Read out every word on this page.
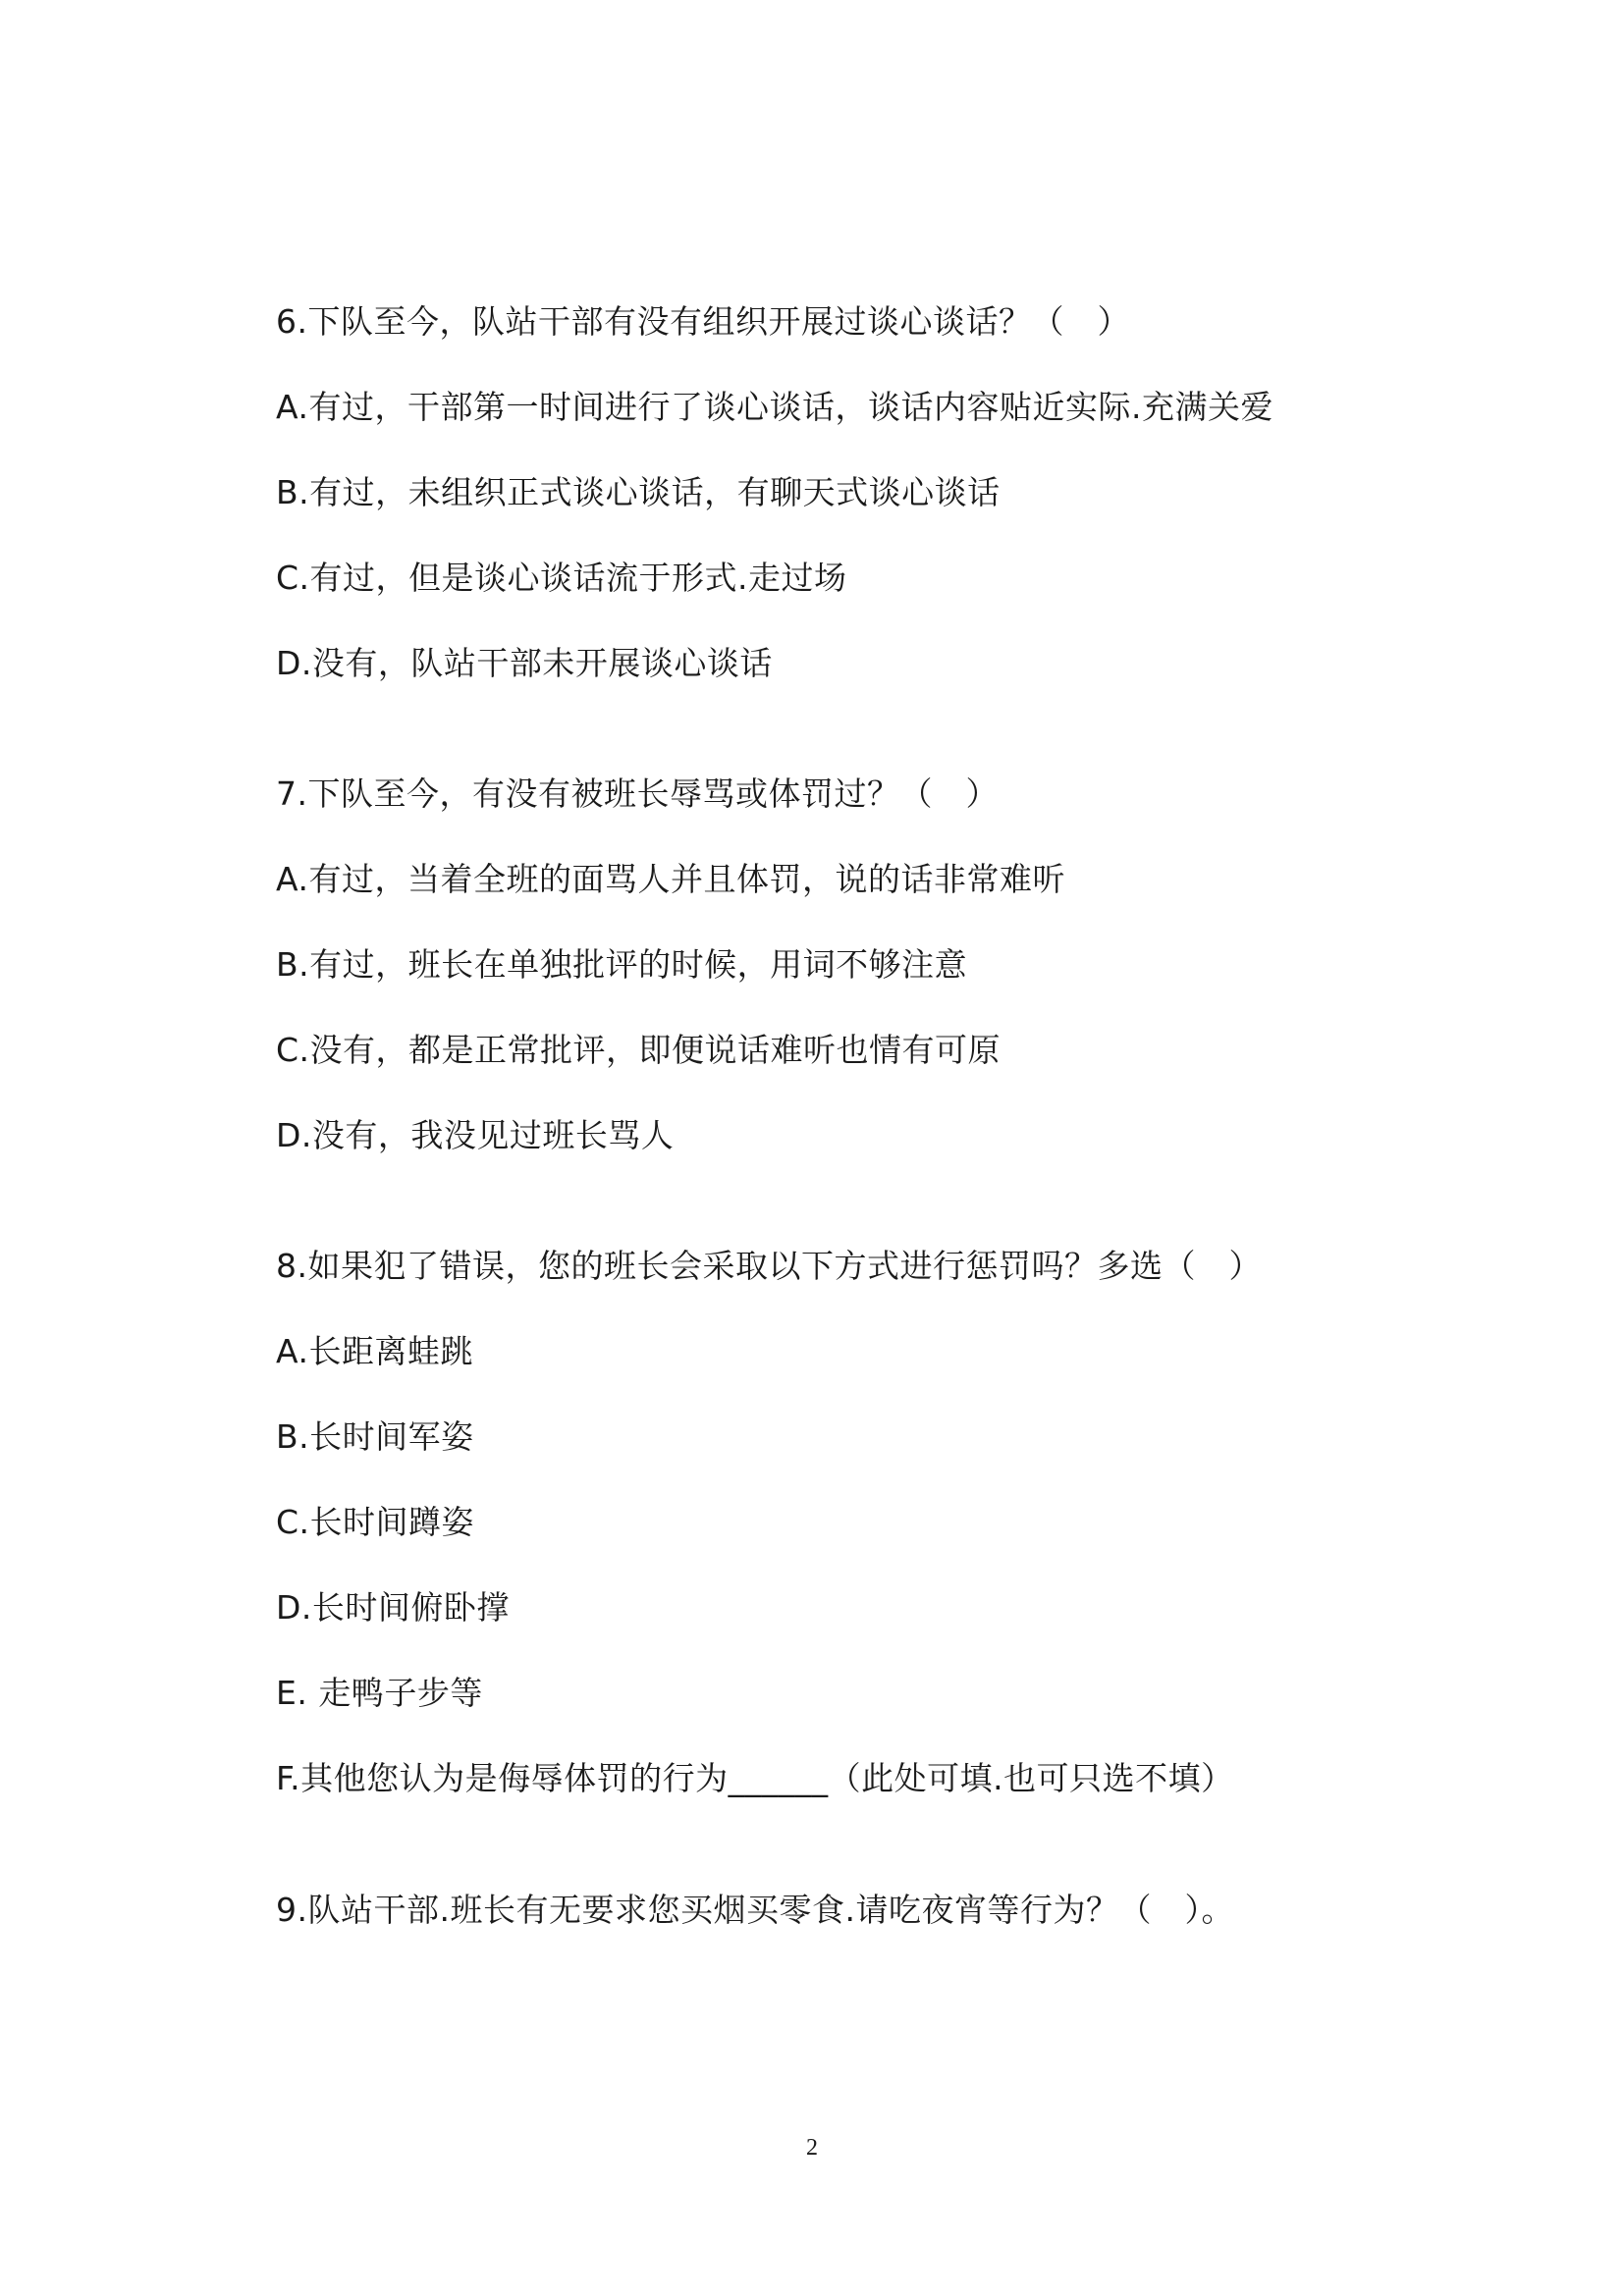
6.下队至今，队站干部有没有组织开展过谈心谈话？（　）
A.有过，干部第一时间进行了谈心谈话，谈话内容贴近实际.充满关爱
B.有过，未组织正式谈心谈话，有聊天式谈心谈话
C.有过，但是谈心谈话流于形式.走过场
D.没有，队站干部未开展谈心谈话
7.下队至今，有没有被班长辱骂或体罚过？（　）
A.有过，当着全班的面骂人并且体罚，说的话非常难听
B.有过，班长在单独批评的时候，用词不够注意
C.没有，都是正常批评，即便说话难听也情有可原
D.没有，我没见过班长骂人
8.如果犯了错误，您的班长会采取以下方式进行惩罚吗？多选（　）
A.长距离蛙跳
B.长时间军姿
C.长时间蹲姿
D.长时间俯卧撑
E. 走鸭子步等
F.其他您认为是侮辱体罚的行为______（此处可填.也可只选不填）
9.队站干部.班长有无要求您买烟买零食.请吃夜宵等行为？（　）。
2
